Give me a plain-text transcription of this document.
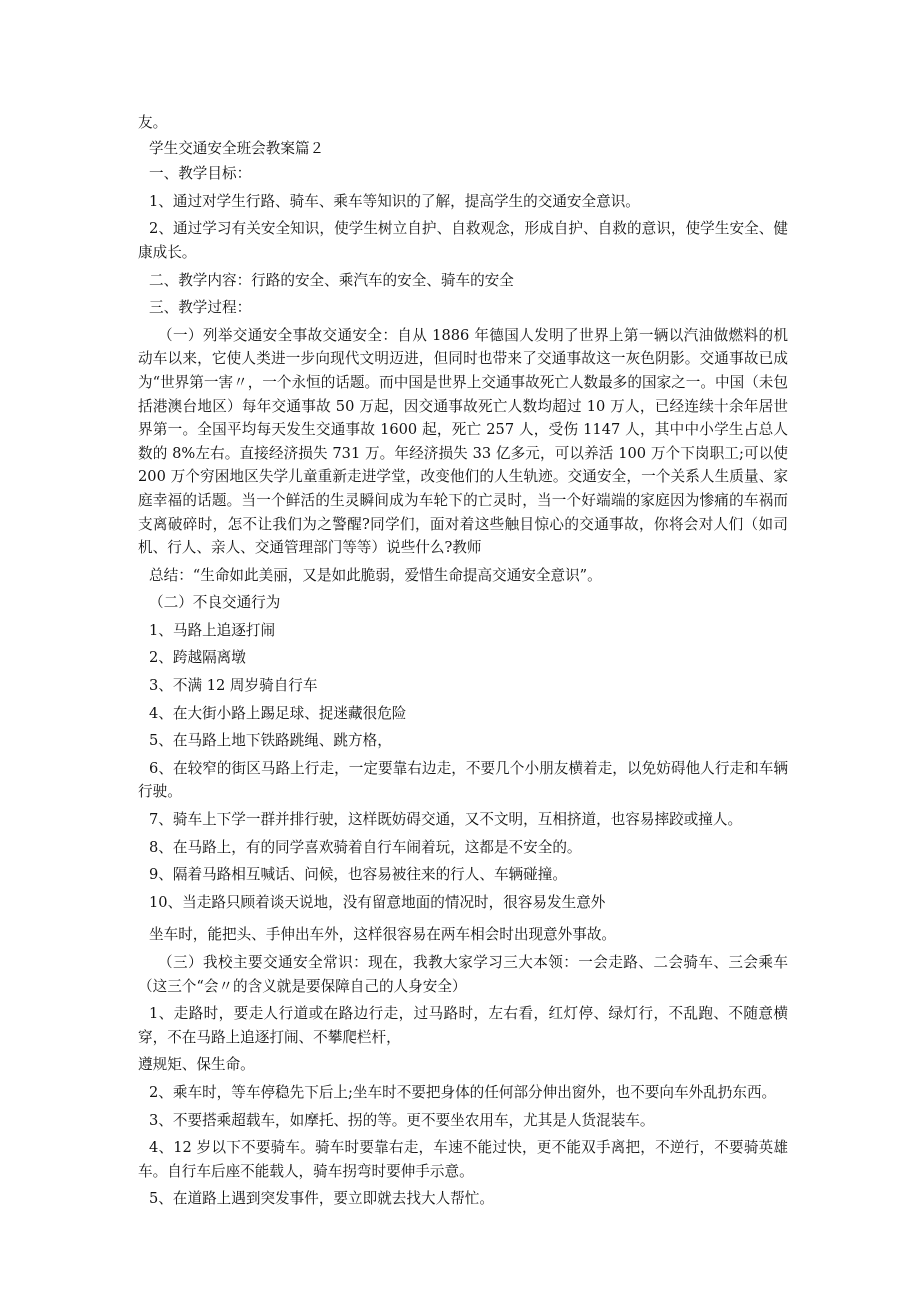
友。

学生交通安全班会教案篇２

一、教学目标：

1、通过对学生行路、骑车、乘车等知识的了解，提高学生的交通安全意识。

2、通过学习有关安全知识，使学生树立自护、自救观念，形成自护、自救的意识，使学生安全、健康成长。

二、教学内容：行路的安全、乘汽车的安全、骑车的安全

三、教学过程：

（一）列举交通安全事故交通安全：自从 1886 年德国人发明了世界上第一辆以汽油做燃料的机动车以来，它使人类进一步向现代文明迈进，但同时也带来了交通事故这一灰色阴影。交通事故已成为“世界第一害〃，一个永恒的话题。而中国是世界上交通事故死亡人数最多的国家之一。中国（未包括港澳台地区）每年交通事故 50 万起，因交通事故死亡人数均超过 10 万人，已经连续十余年居世界第一。全国平均每天发生交通事故 1600 起，死亡 257 人，受伤 1147 人，其中中小学生占总人数的 8%左右。直接经济损失 731 万。年经济损失 33 亿多元，可以养活 100 万个下岗职工;可以使 200 万个穷困地区失学儿童重新走进学堂，改变他们的人生轨迹。交通安全，一个关系人生质量、家庭幸福的话题。当一个鲜活的生灵瞬间成为车轮下的亡灵时，当一个好端端的家庭因为惨痛的车祸而支离破碎时，怎不让我们为之警醒?同学们，面对着这些触目惊心的交通事故，你将会对人们（如司机、行人、亲人、交通管理部门等等）说些什么?教师

总结：“生命如此美丽，又是如此脆弱，爱惜生命提高交通安全意识”。

（二）不良交通行为

1、马路上追逐打闹

2、跨越隔离墩

3、不满 12 周岁骑自行车

4、在大街小路上踢足球、捉迷藏很危险

5、在马路上地下铁路跳绳、跳方格，

6、在较窄的街区马路上行走，一定要靠右边走，不要几个小朋友横着走，以免妨碍他人行走和车辆行驶。

7、骑车上下学一群并排行驶，这样既妨碍交通，又不文明，互相挤道，也容易摔跤或撞人。

8、在马路上，有的同学喜欢骑着自行车闹着玩，这都是不安全的。

9、隔着马路相互喊话、问候，也容易被往来的行人、车辆碰撞。

10、当走路只顾着谈天说地，没有留意地面的情况时，很容易发生意外

坐车时，能把头、手伸出车外，这样很容易在两车相会时出现意外事故。

（三）我校主要交通安全常识：现在，我教大家学习三大本领：一会走路、二会骑车、三会乘车（这三个“会〃的含义就是要保障自己的人身安全）

1、走路时，要走人行道或在路边行走，过马路时，左右看，红灯停、绿灯行，不乱跑、不随意横穿，不在马路上追逐打闹、不攀爬栏杆，

遵规矩、保生命。

2、乘车时，等车停稳先下后上;坐车时不要把身体的任何部分伸出窗外，也不要向车外乱扔东西。

3、不要搭乘超载车，如摩托、拐的等。更不要坐农用车，尤其是人货混装车。

4、12 岁以下不要骑车。骑车时要靠右走，车速不能过快，更不能双手离把，不逆行，不要骑英雄车。自行车后座不能载人，骑车拐弯时要伸手示意。

5、在道路上遇到突发事件，要立即就去找大人帮忙。
